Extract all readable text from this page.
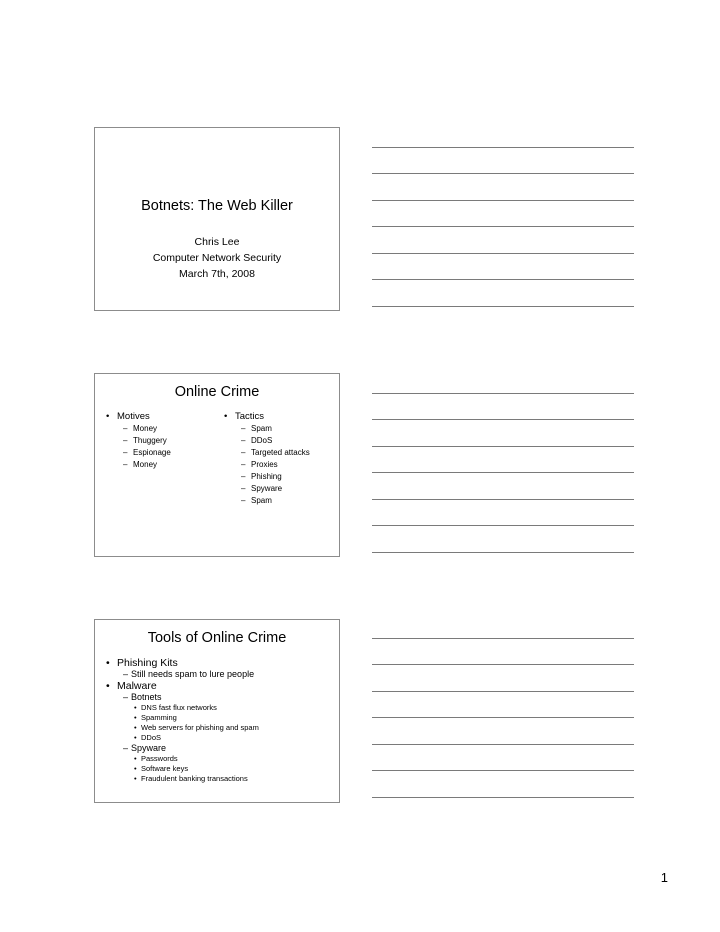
Botnets: The Web Killer
Chris Lee
Computer Network Security
March 7th, 2008
Online Crime
• Motives
– Money
– Thuggery
– Espionage
– Money
• Tactics
– Spam
– DDoS
– Targeted attacks
– Proxies
– Phishing
– Spyware
– Spam
Tools of Online Crime
• Phishing Kits
– Still needs spam to lure people
• Malware
– Botnets
• DNS fast flux networks
• Spamming
• Web servers for phishing and spam
• DDoS
– Spyware
• Passwords
• Software keys
• Fraudulent banking transactions
1
